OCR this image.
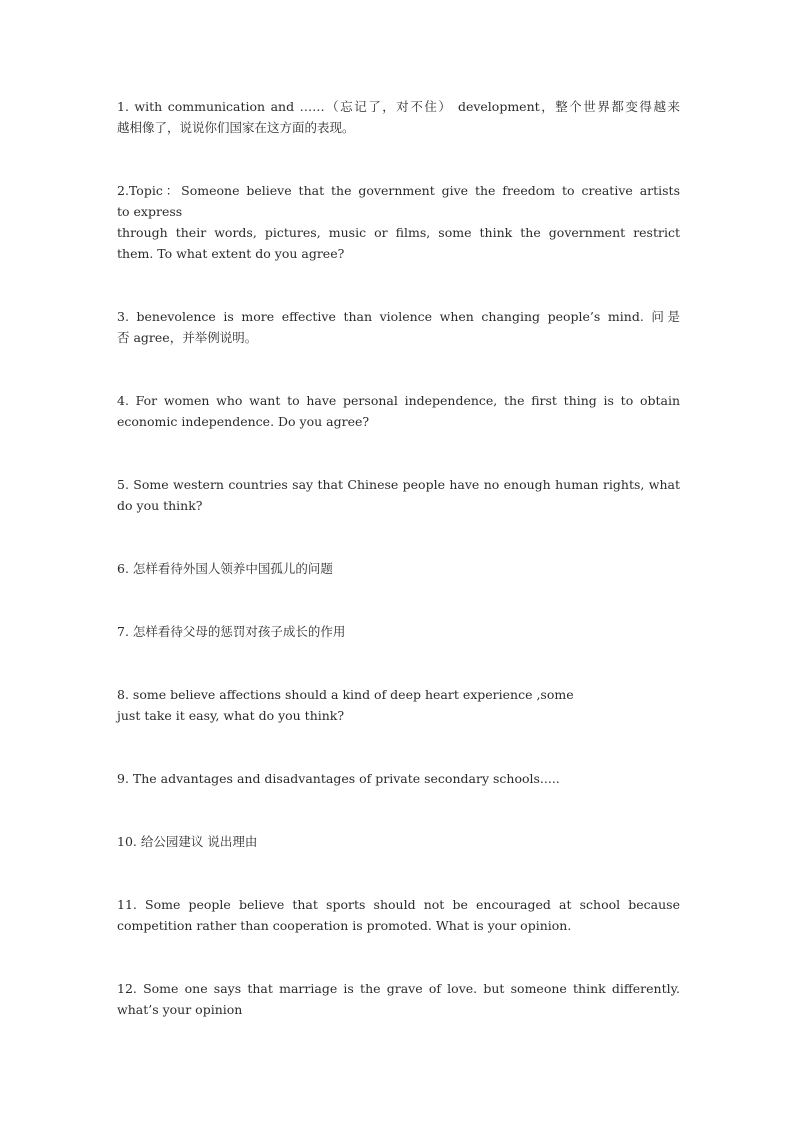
1. with communication and ……（忘记了，对不住） development，整个世界都变得越来
越相像了，说说你们国家在这方面的表现。
2.Topic：Someone believe that the government give the freedom to creative artists
to express
through their words, pictures, music or films, some think the government restrict
them. To what extent do you agree?
3. benevolence is more effective than violence when changing people’s mind. 问是
否 agree，并举例说明。
4. For women who want to have personal independence, the first thing is to obtain
economic independence. Do you agree?
5. Some western countries say that Chinese people have no enough human rights, what
do you think?
6. 怎样看待外国人领养中国孤儿的问题
7. 怎样看待父母的惩罚对孩子成长的作用
8. some believe affections should a kind of deep heart experience ,some
just take it easy, what do you think?
9. The advantages and disadvantages of private secondary schools.....
10. 给公园建议 说出理由
11. Some people believe that sports should not be encouraged at school because
competition rather than cooperation is promoted. What is your opinion.
12. Some one says that marriage is the grave of love. but someone think differently.
what’s your opinion
